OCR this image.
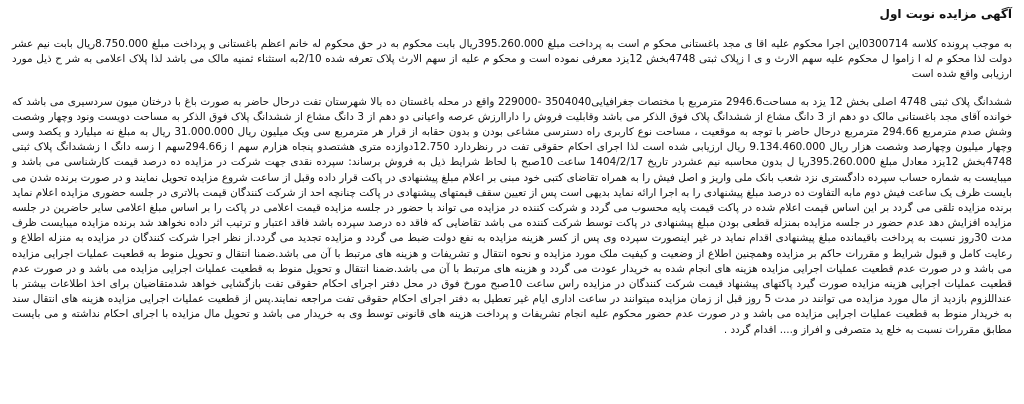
آگهی مزایده نوبت اول

به موجب پرونده کلاسه 0300714این اجرا محکوم علیه اقا ی مجد باغستانی محکو م است به پرداخت مبلغ 395.260.000ریال بابت محکوم به در حق محکوم له خانم اعظم باغستانی و پرداخت مبلغ 8.750.000ریال بابت نیم عشر دولت لذا محکو م له ا زاموا ل محکوم علیه سهم الارث و ی ا زپلاک ثبتی 4748بخش 12یزد معرفی نموده است و محکو م علیه از سهم الارث پلاک تعرفه شده 2/10به استثناء ثمنیه مالک می باشد لذا پلاک اعلامی به شر ح ذیل مورد ارزیابی واقع شده است

ششدانگ پلاک ثبتی 4748 اصلی بخش 12 یزد به مساحت2946.6 مترمربع با مختصات جغرافیایی3504040 -229000 واقع در محله باغستان ده بالا شهرستان تفت درحال حاضر به صورت باغ با درختان میون سردسیری می باشد که خوانده آقای مجد باغستانی مالک دو دهم از 3 دانگ مشاع از ششدانگ پلاک فوق الذکر می باشد وقابلیت فروش را داراارزش عرصه واعیانی دو دهم از 3 دانگ مشاع از ششدانگ پلاک فوق الذکر به مساحت دویست ونود وچهار وشصت وشش صدم مترمربع 294.66 مترمربع درحال حاضر با توجه به موقعیت ، مساحت نوع کاربری راه دسترسی مشاعی بودن و بدون حقابه از قرار هر مترمربع سی ویک میلیون ریال 31.000.000 ریال به مبلغ نه میلیارد و یکصد وسی وچهار میلیون وچهارصد وشصت هزار ریال 9.134.460.000 ریال ارزیابی شده است لذا اجرای احکام حقوقی تفت در رنظردارد 12.750دوازده متری هشتصدو پنجاه هزارم سهم ا ز294.66سهم ا زسه دانگ ا زششدانگ پلاک ثبتی 4748بخش 12یزد معادل مبلغ 395.260.000ریا ل بدون محاسبه نیم عشردر تاریخ 1404/2/17 ساعت 10صبح با لحاظ شرایط ذیل به فروش برساند: سپرده نقدی جهت شرکت در مزایده ده درصد قیمت کارشناسی می باشد و میبایست به شماره حساب سپرده دادگستری نزد شعب بانک ملی واریز و اصل فیش را به همراه تقاضای کتبی خود مبنی بر اعلام مبلغ پیشنهادی در پاکت قرار داده وقبل از ساعت شروع مزایده تحویل نمایند و در صورت برنده شدن می بایست ظرف یک ساعت فیش دوم مابه التفاوت ده درصد مبلغ پیشنهادی را به اجرا ارائه نماید بدیهی است پس از تعیین سقف قیمتهای پیشنهادی در پاکت چنانچه احد از شرکت کنندگان قیمت بالاتری در جلسه حضوری مزایده اعلام نماید برنده مزایده تلقی می گردد بر این اساس قیمت اعلام شده در پاکت قیمت پایه محسوب می گردد و شرکت کننده در مزایده می تواند با حضور در جلسه مزایده قیمت اعلامی در پاکت را بر اساس مبلغ اعلامی سایر حاضرین در جلسه مزایده افزایش دهد عدم حضور در جلسه مزایده بمنزله قطعی بودن مبلغ پیشنهادی در پاکت توسط شرکت کننده می باشد تقاضایی که فاقد ده درصد سپرده باشد فاقد اعتبار و ترتیب اثر داده نخواهد شد برنده مزایده میبایست ظرف مدت 30روز نسبت به پرداخت باقیمانده مبلغ پیشنهادی اقدام نماید در غیر اینصورت سپرده وی پس از کسر هزینه مزایده به نفع دولت ضبط می گردد و مزایده تجدید می گردد.از نظر اجرا شرکت کنندگان در مزایده به منزله اطلاع و رعایت کامل و قبول شرایط و مقررات حاکم بر مزایده وهمچنین اطلاع از وضعیت و کیفیت ملک مورد مزایده و نحوه انتقال و تشریفات و هزینه های مرتبط با آن می باشد.ضمنا انتقال و تحویل منوط به قطعیت عملیات اجرایی مزایده می باشد و در صورت عدم قطعیت عملیات اجرایی مزایده هزینه های انجام شده به خریدار عودت می گردد و هزینه های مرتبط با آن می باشد.ضمنا انتقال و تحویل منوط به قطعیت عملیات اجرایی مزایده می باشد و در صورت عدم قطعیت عملیات اجرایی هزینه مزایده صورت گیرد پاکتهای پیشنهاد قیمت شرکت کنندگان در مزایده راس ساعت 10صبح مورخ فوق در محل دفتر اجرای احکام حقوقی تفت بازگشایی خواهد شدمتقاضیان برای اخذ اطلاعات بیشتر با عنداللزوم بازدید از مال مورد مزایده می توانند در مدت 5 روز قبل از زمان مزایده میتوانند در ساعت اداری ایام غیر تعطیل به دفتر اجرای احکام حقوقی تفت مراجعه نمایند.پس از قطعیت عملیات اجرایی مزایده هزینه های انتقال سند به خریدار منوط به قطعیت عملیات اجرایی مزایده می باشد و در صورت عدم حضور محکوم علیه انجام تشریفات و پرداخت هزینه های قانونی توسط وی به خریدار می باشد و تحویل مال مزایده با اجرای احکام نداشته و می بایست مطابق مقررات نسبت به خلع ید متصرفی و افراز و.... اقدام گردد .
